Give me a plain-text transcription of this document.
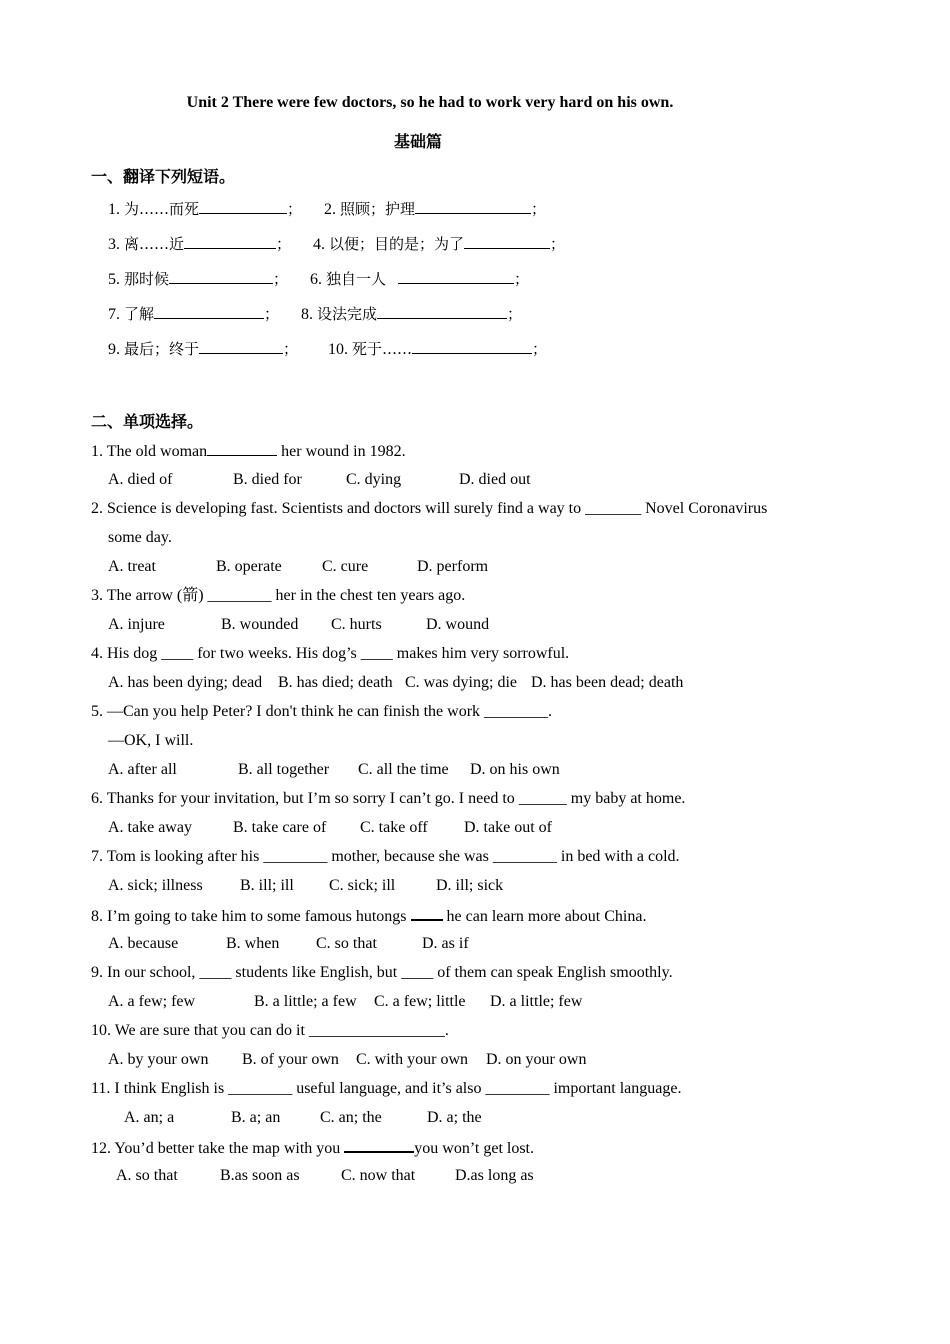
Unit 2 There were few doctors, so he had to work very hard on his own.
基础篇
一、翻译下列短语。
1. 为……而死	； 2. 照顾；护理	；
3. 离……近	； 4. 以便；目的是；为了	；
5. 那时候	； 6. 独自一人	；
7. 了解	； 8. 设法完成	；
9. 最后；终于	； 10. 死于……	；
二、单项选择。
1. The old woman	her wound in 1982.
A. died of	B. died for	C. dying	D. died out
2. Science is developing fast. Scientists and doctors will surely find a way to _______ Novel Coronavirus
some day.
A. treat	B. operate	C. cure	D. perform
3. The arrow (箭) ________ her in the chest ten years ago.
A. injure	B. wounded C. hurts	D. wound
4. His dog ____ for two weeks. His dog’s ____ makes him very sorrowful.
A. has been dying; dead B. has died; death C. was dying; die D. has been dead; death
5. —Can you help Peter? I don't think he can finish the work ________.
—OK, I will.
A. after all	B. all together C. all the time D. on his own
6. Thanks for your invitation, but I’m so sorry I can’t go. I need to ______ my baby at home.
A. take away	B. take care of C. take off D. take out of
7. Tom is looking after his ________ mother, because she was ________ in bed with a cold.
A. sick; illness B. ill; ill C. sick; ill	D. ill; sick
8. I’m going to take him to some famous hutongs  he can learn more about China.
A. because	B. when C. so that	D. as if
9. In our school, ____ students like English, but ____ of them can speak English smoothly.
A. a few; few	B. a little; a few C. a few; little D. a little; few
10. We are sure that you can do it _________________.
A. by your own B. of your own C. with your own D. on your own
11. I think English is ________ useful language, and it’s also ________ important language.
A. an; a	B. a; an C. an; the	D. a; the
12. You’d better take the map with you	you won’t get lost.
A. so that	B.as soon as	C. now that D.as long as
